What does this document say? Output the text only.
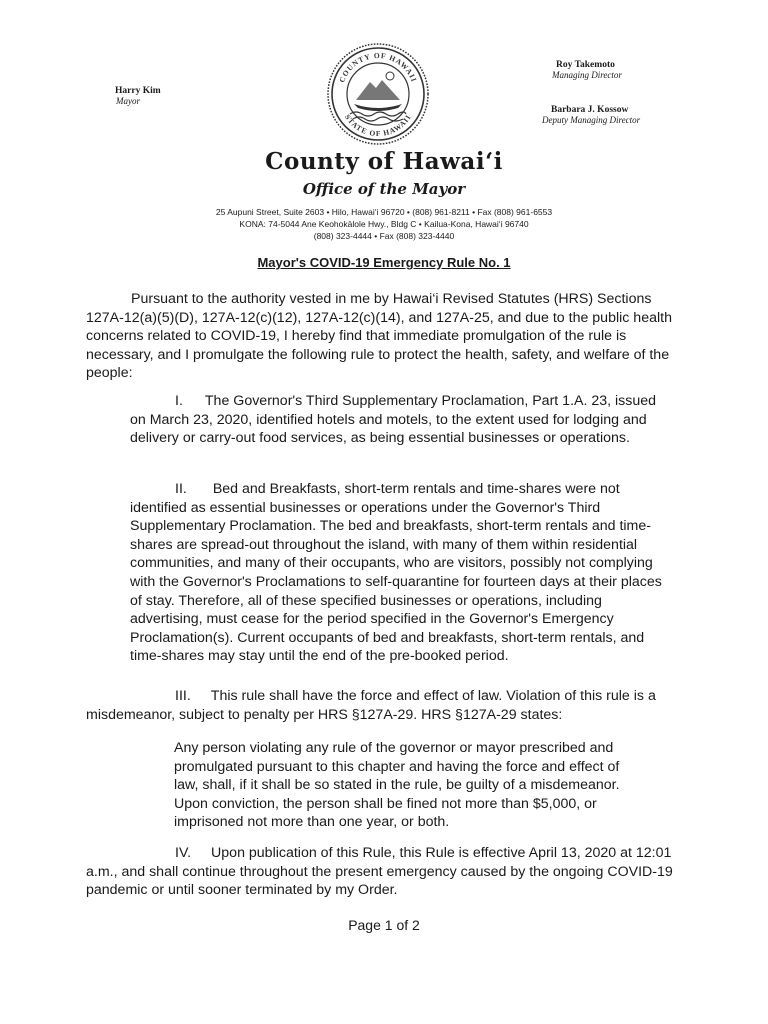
Harry Kim
Mayor
Roy Takemoto
Managing Director
Barbara J. Kossow
Deputy Managing Director
COUNTY OF HAWAII
STATE OF HAWAII
County of Hawai‘i
Office of the Mayor
25 Aupuni Street, Suite 2603 • Hilo, Hawai‘i 96720 • (808) 961-8211 • Fax (808) 961-6553
KONA: 74-5044 Ane Keohokālole Hwy., Bldg C • Kailua-Kona, Hawai‘i 96740
(808) 323-4444 • Fax (808) 323-4440
Mayor's COVID-19 Emergency Rule No. 1
Pursuant to the authority vested in me by Hawai‘i Revised Statutes (HRS) Sections 127A-12(a)(5)(D), 127A-12(c)(12), 127A-12(c)(14), and 127A-25, and due to the public health concerns related to COVID-19, I hereby find that immediate promulgation of the rule is necessary, and I promulgate the following rule to protect the health, safety, and welfare of the people:
I. The Governor's Third Supplementary Proclamation, Part 1.A. 23, issued on March 23, 2020, identified hotels and motels, to the extent used for lodging and delivery or carry-out food services, as being essential businesses or operations.
II. Bed and Breakfasts, short-term rentals and time-shares were not identified as essential businesses or operations under the Governor's Third Supplementary Proclamation. The bed and breakfasts, short-term rentals and time-shares are spread-out throughout the island, with many of them within residential communities, and many of their occupants, who are visitors, possibly not complying with the Governor's Proclamations to self-quarantine for fourteen days at their places of stay. Therefore, all of these specified businesses or operations, including advertising, must cease for the period specified in the Governor's Emergency Proclamation(s). Current occupants of bed and breakfasts, short-term rentals, and time-shares may stay until the end of the pre-booked period.
III. This rule shall have the force and effect of law. Violation of this rule is a misdemeanor, subject to penalty per HRS §127A-29. HRS §127A-29 states:
Any person violating any rule of the governor or mayor prescribed and promulgated pursuant to this chapter and having the force and effect of law, shall, if it shall be so stated in the rule, be guilty of a misdemeanor. Upon conviction, the person shall be fined not more than $5,000, or imprisoned not more than one year, or both.
IV. Upon publication of this Rule, this Rule is effective April 13, 2020 at 12:01 a.m., and shall continue throughout the present emergency caused by the ongoing COVID-19 pandemic or until sooner terminated by my Order.
Page 1 of 2
